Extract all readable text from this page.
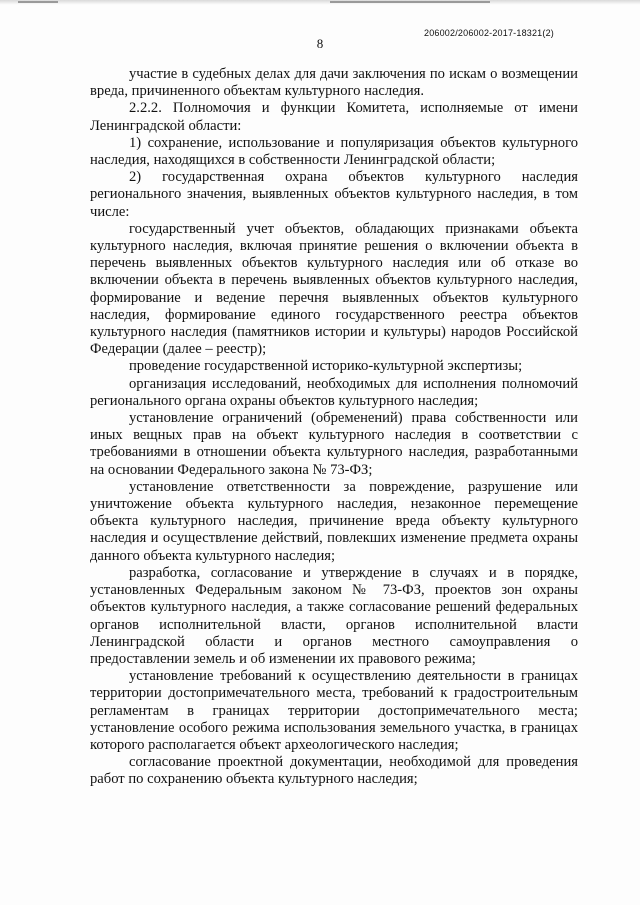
206002/206002-2017-18321(2)
8

участие в судебных делах для дачи заключения по искам о возмещении вреда, причиненного объектам культурного наследия.

2.2.2. Полномочия и функции Комитета, исполняемые от имени Ленинградской области:

1) сохранение, использование и популяризация объектов культурного наследия, находящихся в собственности Ленинградской области;

2) государственная охрана объектов культурного наследия регионального значения, выявленных объектов культурного наследия, в том числе:

государственный учет объектов, обладающих признаками объекта культурного наследия, включая принятие решения о включении объекта в перечень выявленных объектов культурного наследия или об отказе во включении объекта в перечень выявленных объектов культурного наследия, формирование и ведение перечня выявленных объектов культурного наследия, формирование единого государственного реестра объектов культурного наследия (памятников истории и культуры) народов Российской Федерации (далее – реестр);

проведение государственной историко-культурной экспертизы;

организация исследований, необходимых для исполнения полномочий регионального органа охраны объектов культурного наследия;

установление ограничений (обременений) права собственности или иных вещных прав на объект культурного наследия в соответствии с требованиями в отношении объекта культурного наследия, разработанными на основании Федерального закона № 73-ФЗ;

установление ответственности за повреждение, разрушение или уничтожение объекта культурного наследия, незаконное перемещение объекта культурного наследия, причинение вреда объекту культурного наследия и осуществление действий, повлекших изменение предмета охраны данного объекта культурного наследия;

разработка, согласование и утверждение в случаях и в порядке, установленных Федеральным законом № 73-ФЗ, проектов зон охраны объектов культурного наследия, а также согласование решений федеральных органов исполнительной власти, органов исполнительной власти Ленинградской области и органов местного самоуправления о предоставлении земель и об изменении их правового режима;

установление требований к осуществлению деятельности в границах территории достопримечательного места, требований к градостроительным регламентам в границах территории достопримечательного места; установление особого режима использования земельного участка, в границах которого располагается объект археологического наследия;

согласование проектной документации, необходимой для проведения работ по сохранению объекта культурного наследия;
